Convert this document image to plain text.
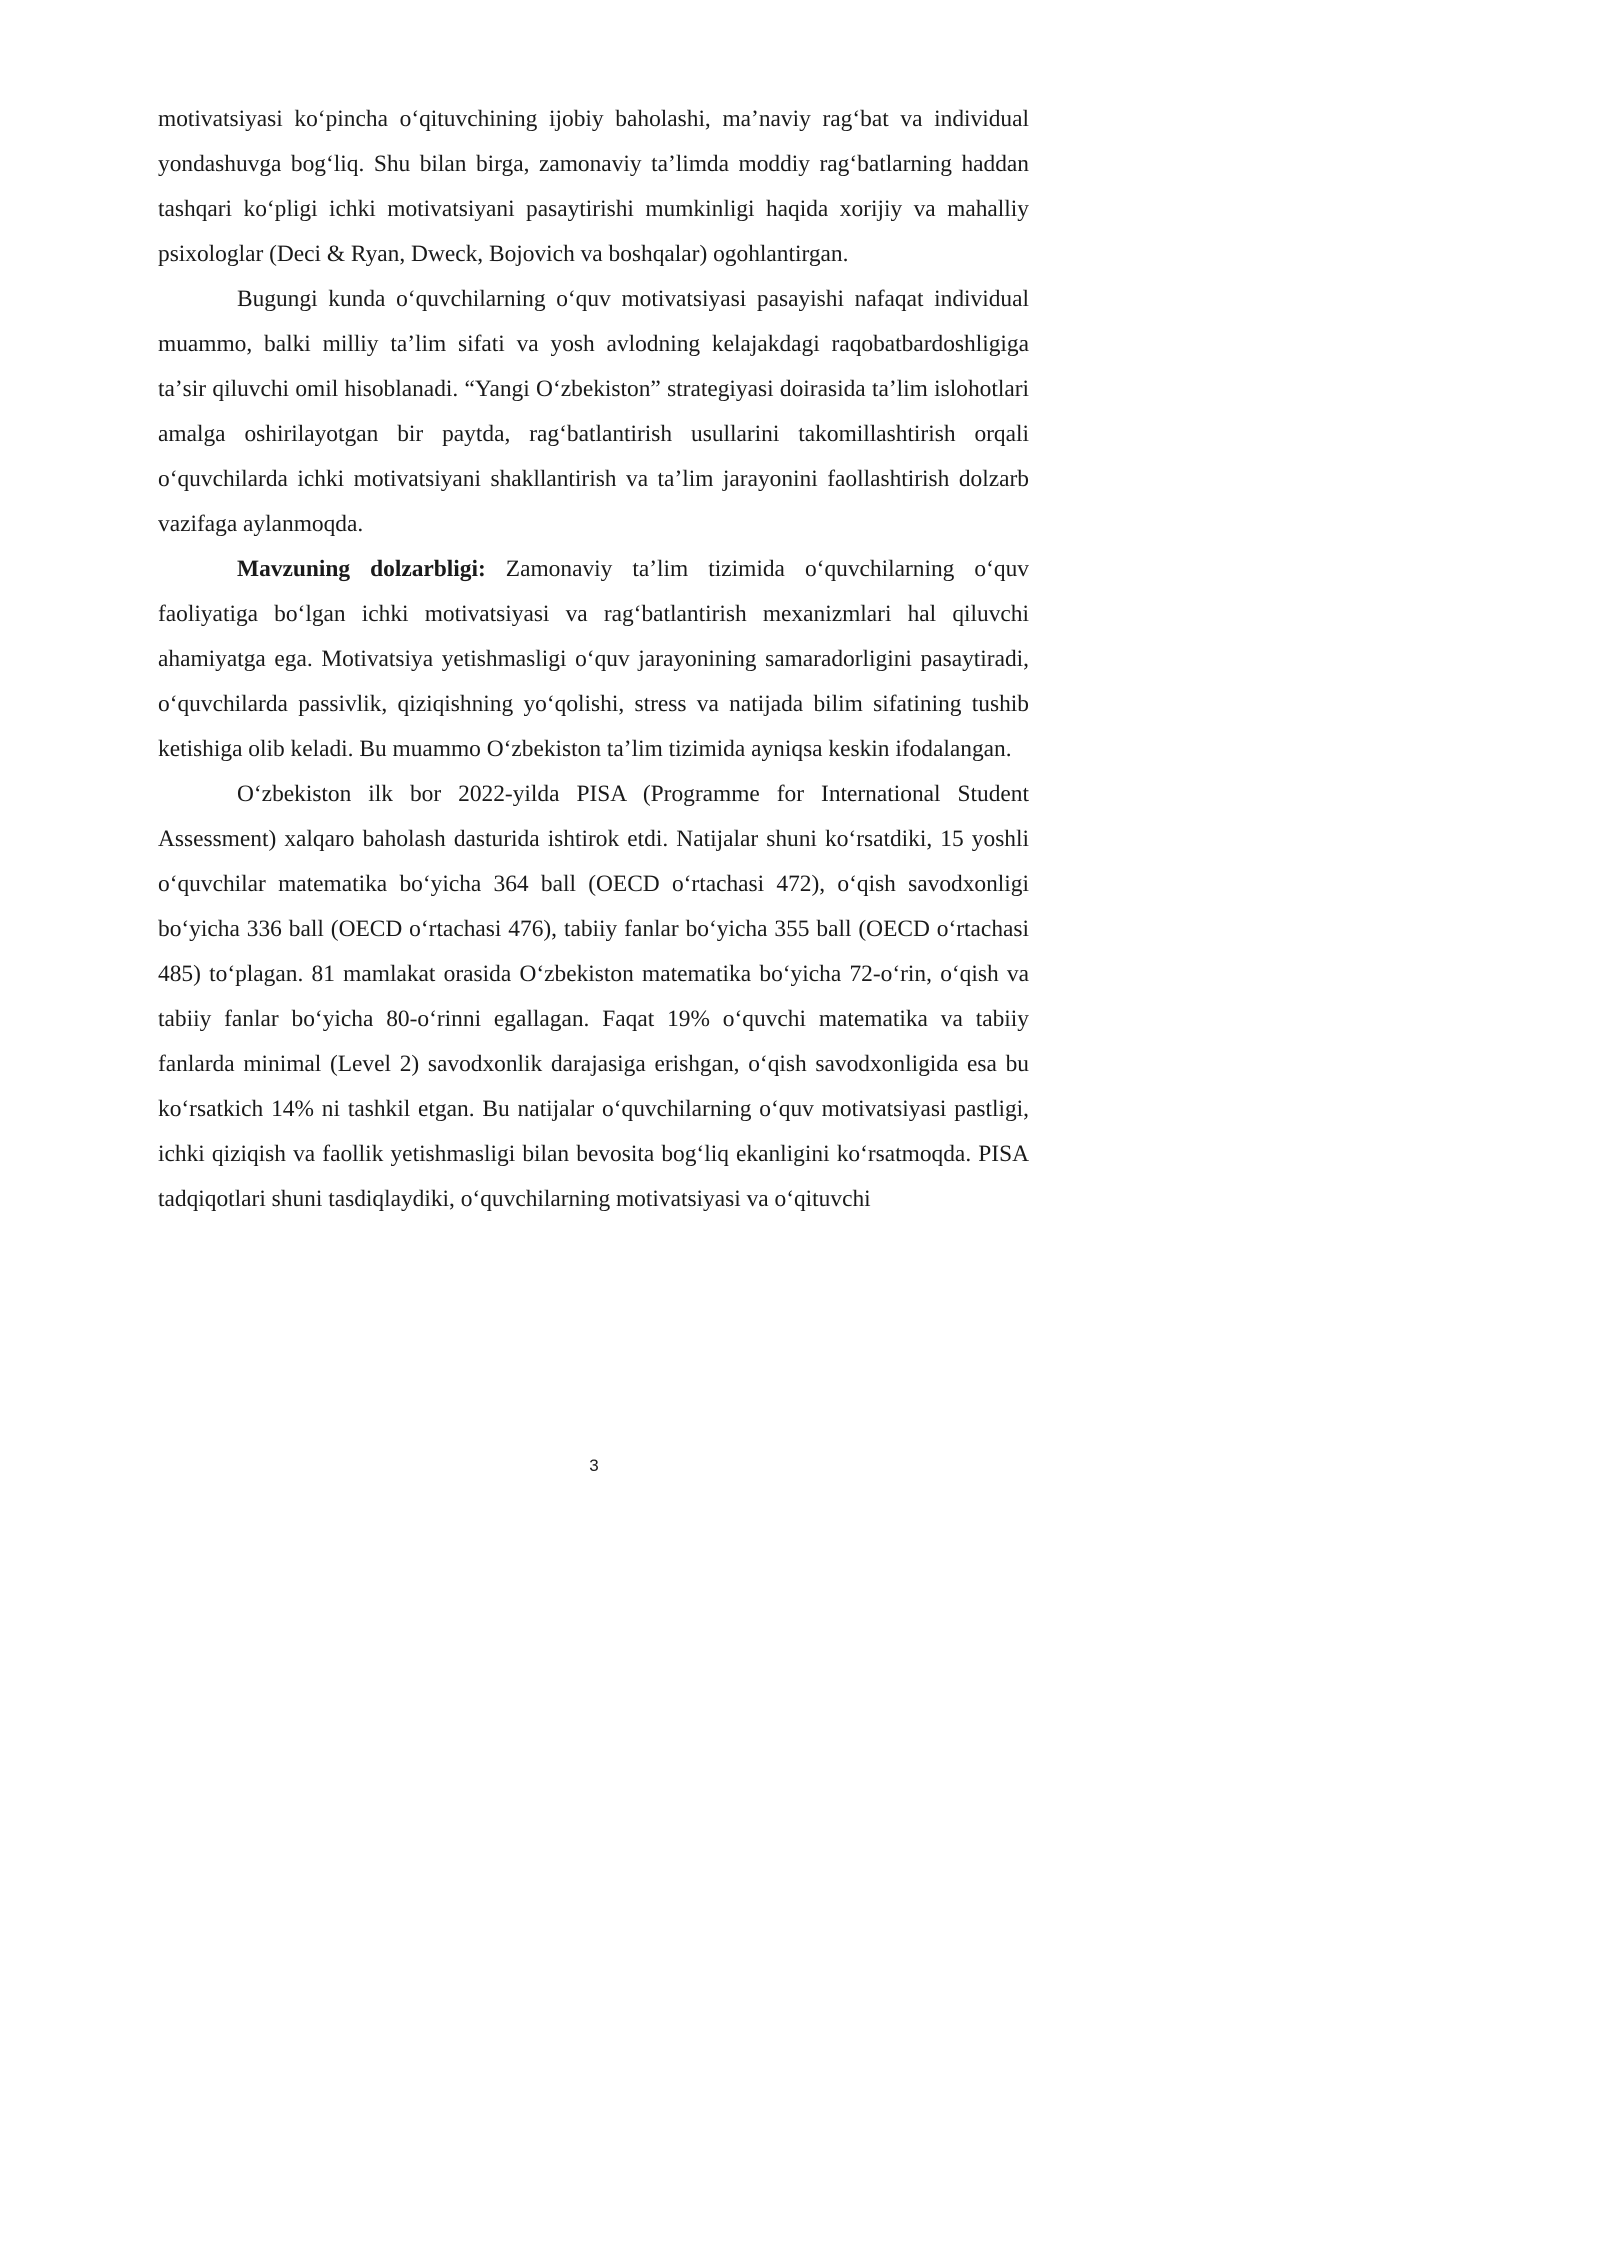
motivatsiyasi koʻpincha oʻqituvchining ijobiy baholashi, maʼnaviy ragʻbat va individual yondashuvga bogʻliq. Shu bilan birga, zamonaviy taʼlimda moddiy ragʻbatlarning haddan tashqari koʻpligi ichki motivatsiyani pasaytirishi mumkinligi haqida xorijiy va mahalliy psixologlar (Deci & Ryan, Dweck, Bojovich va boshqalar) ogohlantirgan.

Bugungi kunda oʻquvchilarning oʻquv motivatsiyasi pasayishi nafaqat individual muammo, balki milliy taʼlim sifati va yosh avlodning kelajakdagi raqobatbardoshligiga taʼsir qiluvchi omil hisoblanadi. “Yangi Oʻzbekiston” strategiyasi doirasida taʼlim islohotlari amalga oshirilayotgan bir paytda, ragʻbatlantirish usullarini takomillashtirish orqali oʻquvchilarda ichki motivatsiyani shakllantirish va taʼlim jarayonini faollashtirish dolzarb vazifaga aylanmoqda.

Mavzuning dolzarbligi: Zamonaviy taʼlim tizimida oʻquvchilarning oʻquv faoliyatiga boʻlgan ichki motivatsiyasi va ragʻbatlantirish mexanizmlari hal qiluvchi ahamiyatga ega. Motivatsiya yetishmasligi oʻquv jarayonining samaradorligini pasaytiradi, oʻquvchilarda passivlik, qiziqishning yoʻqolishi, stress va natijada bilim sifatining tushib ketishiga olib keladi. Bu muammo Oʻzbekiston taʼlim tizimida ayniqsa keskin ifodalangan.

Oʻzbekiston ilk bor 2022-yilda PISA (Programme for International Student Assessment) xalqaro baholash dasturida ishtirok etdi. Natijalar shuni koʻrsatdiki, 15 yoshli oʻquvchilar matematika boʻyicha 364 ball (OECD oʻrtachasi 472), oʻqish savodxonligi boʻyicha 336 ball (OECD oʻrtachasi 476), tabiiy fanlar boʻyicha 355 ball (OECD oʻrtachasi 485) toʻplagan. 81 mamlakat orasida Oʻzbekiston matematika boʻyicha 72-oʻrin, oʻqish va tabiiy fanlar boʻyicha 80-oʻrinni egallagan. Faqat 19% oʻquvchi matematika va tabiiy fanlarda minimal (Level 2) savodxonlik darajasiga erishgan, oʻqish savodxonligida esa bu koʻrsatkich 14% ni tashkil etgan. Bu natijalar oʻquvchilarning oʻquv motivatsiyasi pastligi, ichki qiziqish va faollik yetishmasligi bilan bevosita bogʻliq ekanligini koʻrsatmoqda. PISA tadqiqotlari shuni tasdiqlaydiki, oʻquvchilarning motivatsiyasi va oʻqituvchi

3
